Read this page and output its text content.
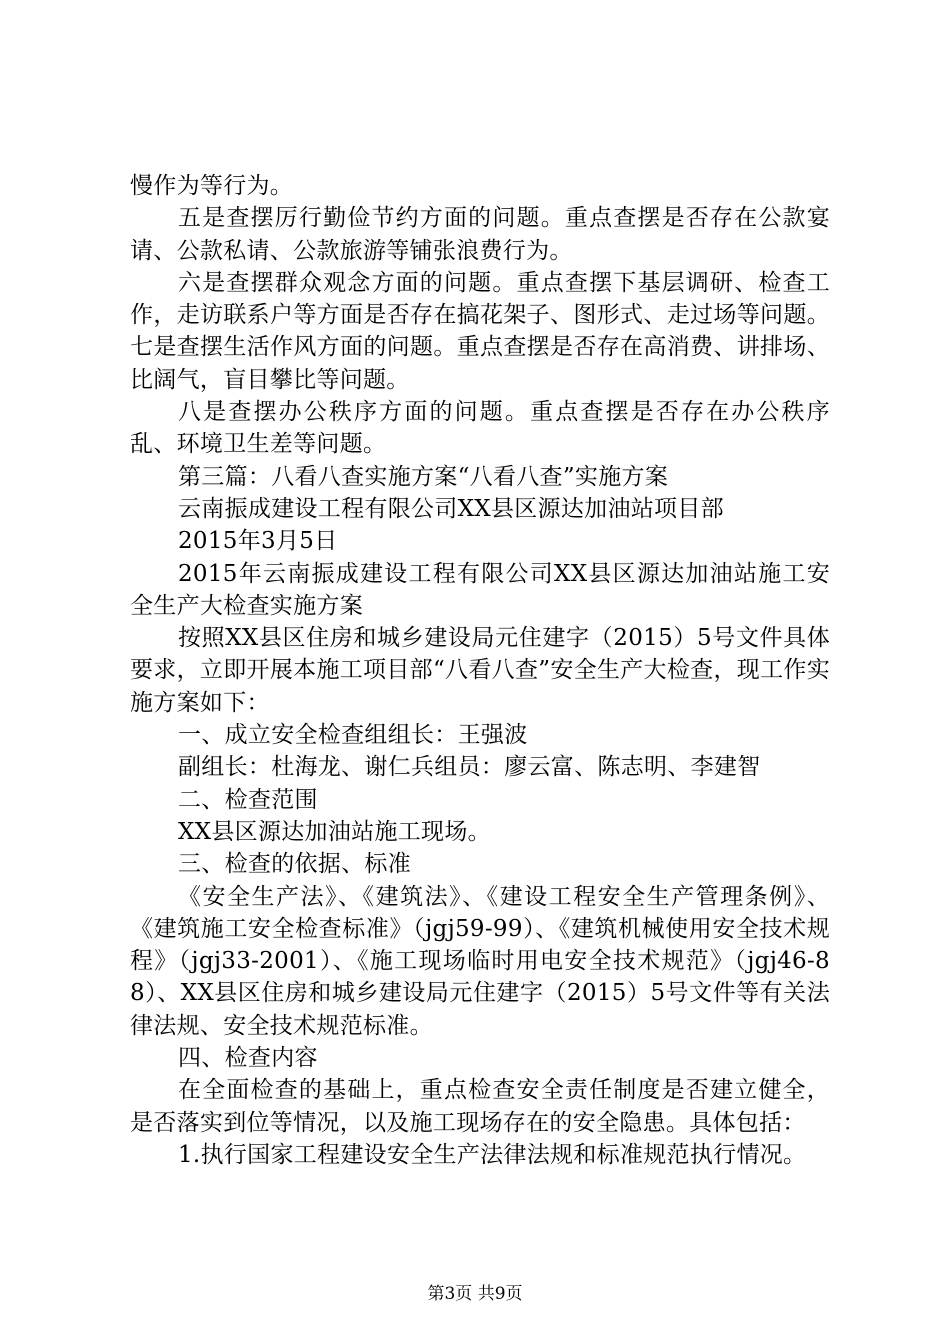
慢作为等行为。

五是查摆厉行勤俭节约方面的问题。重点查摆是否存在公款宴请、公款私请、公款旅游等铺张浪费行为。

六是查摆群众观念方面的问题。重点查摆下基层调研、检查工作，走访联系户等方面是否存在搞花架子、图形式、走过场等问题。七是查摆生活作风方面的问题。重点查摆是否存在高消费、讲排场、比阔气，盲目攀比等问题。

八是查摆办公秩序方面的问题。重点查摆是否存在办公秩序乱、环境卫生差等问题。

第三篇：八看八查实施方案“八看八查”实施方案

云南振成建设工程有限公司XX县区源达加油站项目部

2015年3月5日

2015年云南振成建设工程有限公司XX县区源达加油站施工安全生产大检查实施方案

按照XX县区住房和城乡建设局元住建字（2015）5号文件具体要求，立即开展本施工项目部“八看八查”安全生产大检查，现工作实施方案如下：

一、成立安全检查组组长：王强波

副组长：杜海龙、谢仁兵组员：廖云富、陈志明、李建智

二、检查范围

XX县区源达加油站施工现场。

三、检查的依据、标准

《安全生产法》、《建筑法》、《建设工程安全生产管理条例》、《建筑施工安全检查标准》（jgj59-99）、《建筑机械使用安全技术规程》（jgj33-2001）、《施工现场临时用电安全技术规范》（jgj46-88）、XX县区住房和城乡建设局元住建字（2015）5号文件等有关法律法规、安全技术规范标准。

四、检查内容

在全面检查的基础上，重点检查安全责任制度是否建立健全，是否落实到位等情况，以及施工现场存在的安全隐患。具体包括：

1.执行国家工程建设安全生产法律法规和标准规范执行情况。

第3页 共9页
